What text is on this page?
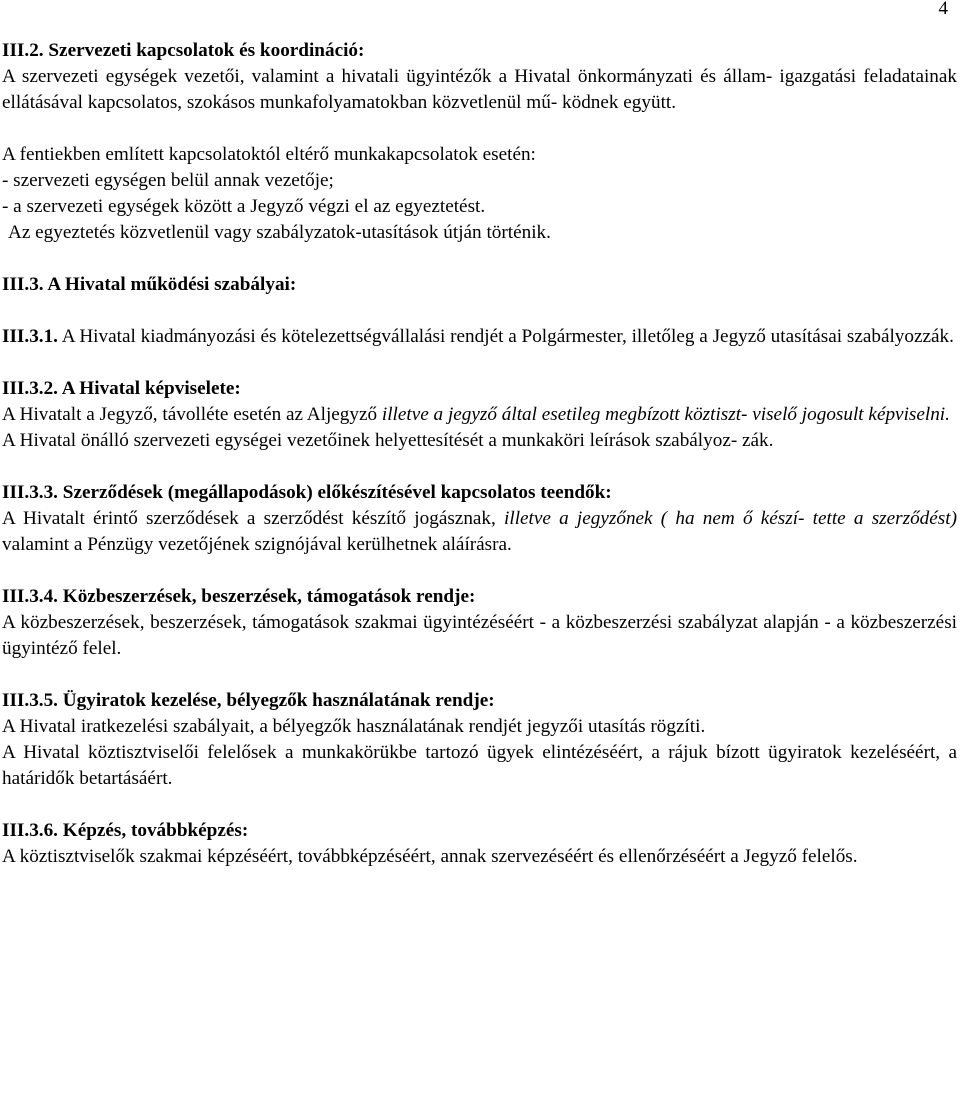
4

III.2. Szervezeti kapcsolatok és koordináció:

A szervezeti egységek vezetői, valamint a hivatali ügyintézők a Hivatal önkormányzati és állam- igazgatási feladatainak ellátásával kapcsolatos, szokásos munkafolyamatokban közvetlenül mű- ködnek együtt.

A fentiekben említett kapcsolatoktól eltérő munkakapcsolatok esetén:

- szervezeti egységen belül annak vezetője;

- a szervezeti egységek között a Jegyző végzi el az egyeztetést.

Az egyeztetés közvetlenül vagy szabályzatok-utasítások útján történik.

III.3. A Hivatal működési szabályai:

III.3.1. A Hivatal kiadmányozási és kötelezettségvállalási rendjét a Polgármester, illetőleg a Jegyző utasításai szabályozzák.

III.3.2. A Hivatal képviselete:

A Hivatalt a Jegyző, távolléte esetén az Aljegyző illetve a jegyző által esetileg megbízott köztiszt- viselő jogosult képviselni.

A Hivatal önálló szervezeti egységei vezetőinek helyettesítését a munkaköri leírások szabályoz- zák.

III.3.3. Szerződések (megállapodások) előkészítésével kapcsolatos teendők:

A Hivatalt érintő szerződések a szerződést készítő jogásznak, illetve a jegyzőnek ( ha nem ő készí- tette a szerződést) valamint a Pénzügy vezetőjének szignójával kerülhetnek aláírásra.

III.3.4. Közbeszerzések, beszerzések, támogatások rendje:

A közbeszerzések, beszerzések, támogatások szakmai ügyintézéséért - a közbeszerzési szabályzat alapján - a közbeszerzési ügyintéző felel.

III.3.5. Ügyiratok kezelése, bélyegzők használatának rendje:

A Hivatal iratkezelési szabályait, a bélyegzők használatának rendjét jegyzői utasítás rögzíti.

A Hivatal köztisztviselői felelősek a munkakörükbe tartozó ügyek elintézéséért, a rájuk bízott ügyiratok kezeléséért, a határidők betartásáért.

III.3.6. Képzés, továbbképzés:

A köztisztviselők szakmai képzéséért, továbbképzéséért, annak szervezéséért és ellenőrzéséért a Jegyző felelős.
